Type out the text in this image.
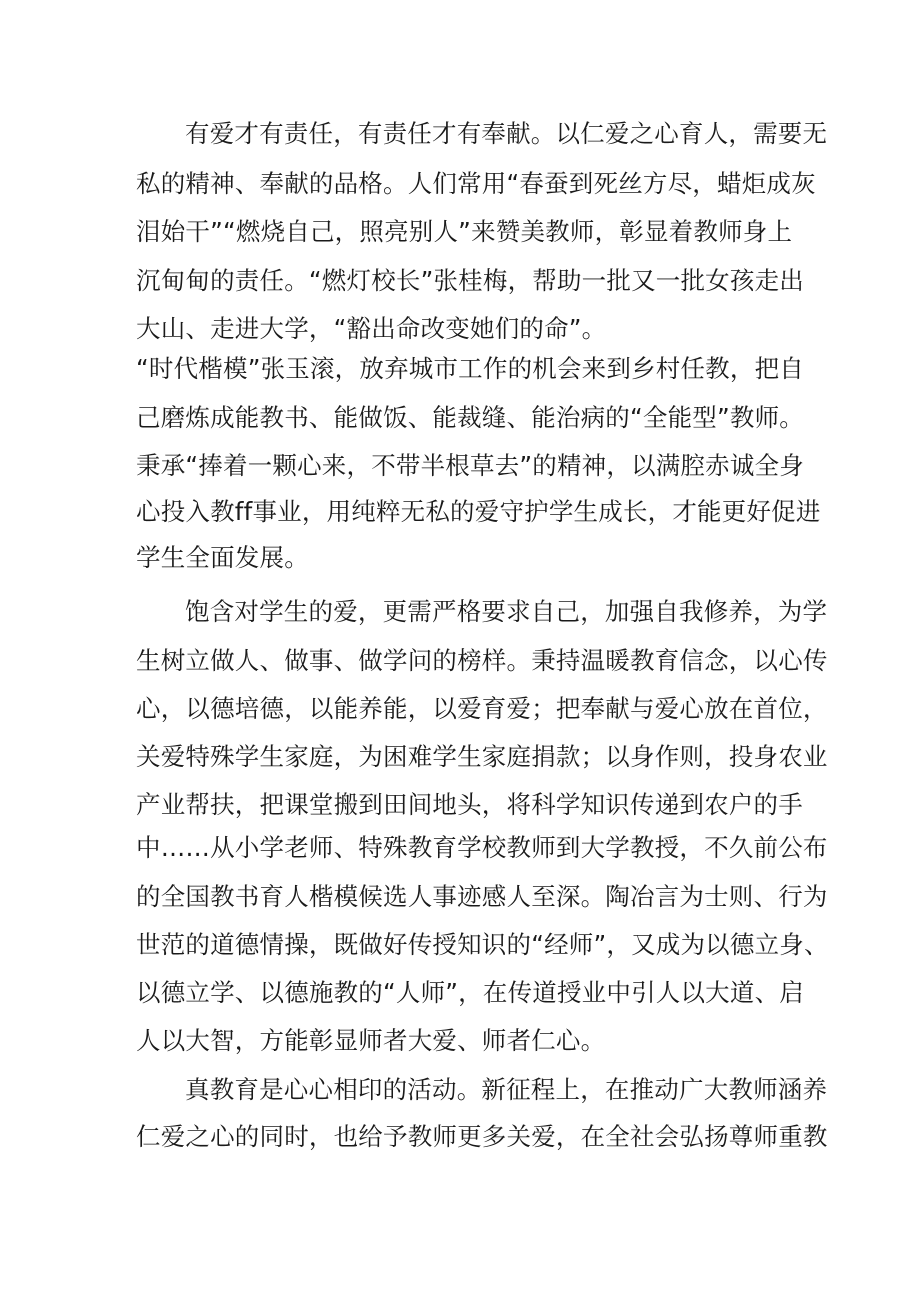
有爱才有责任，有责任才有奉献。以仁爱之心育人，需要无
私的精神、奉献的品格。人们常用“春蚕到死丝方尽，蜡炬成灰
泪始干”“燃烧自己，照亮别人”来赞美教师，彰显着教师身上
沉甸甸的责任。“燃灯校长”张桂梅，帮助一批又一批女孩走出
大山、走进大学，“豁出命改变她们的命”。
“时代楷模”张玉滚，放弃城市工作的机会来到乡村任教，把自
己磨炼成能教书、能做饭、能裁缝、能治病的“全能型”教师。
秉承“捧着一颗心来，不带半根草去”的精神，以满腔赤诚全身
心投入教ff事业，用纯粹无私的爱守护学生成长，才能更好促进
学生全面发展。
饱含对学生的爱，更需严格要求自己，加强自我修养，为学
生树立做人、做事、做学问的榜样。秉持温暖教育信念，以心传
心，以德培德，以能养能，以爱育爱；把奉献与爱心放在首位，
关爱特殊学生家庭，为困难学生家庭捐款；以身作则，投身农业
产业帮扶，把课堂搬到田间地头，将科学知识传递到农户的手
中……从小学老师、特殊教育学校教师到大学教授，不久前公布
的全国教书育人楷模候选人事迹感人至深。陶冶言为士则、行为
世范的道德情操，既做好传授知识的“经师”，又成为以德立身、
以德立学、以德施教的“人师”，在传道授业中引人以大道、启
人以大智，方能彰显师者大爱、师者仁心。
真教育是心心相印的活动。新征程上，在推动广大教师涵养
仁爱之心的同时，也给予教师更多关爱，在全社会弘扬尊师重教
